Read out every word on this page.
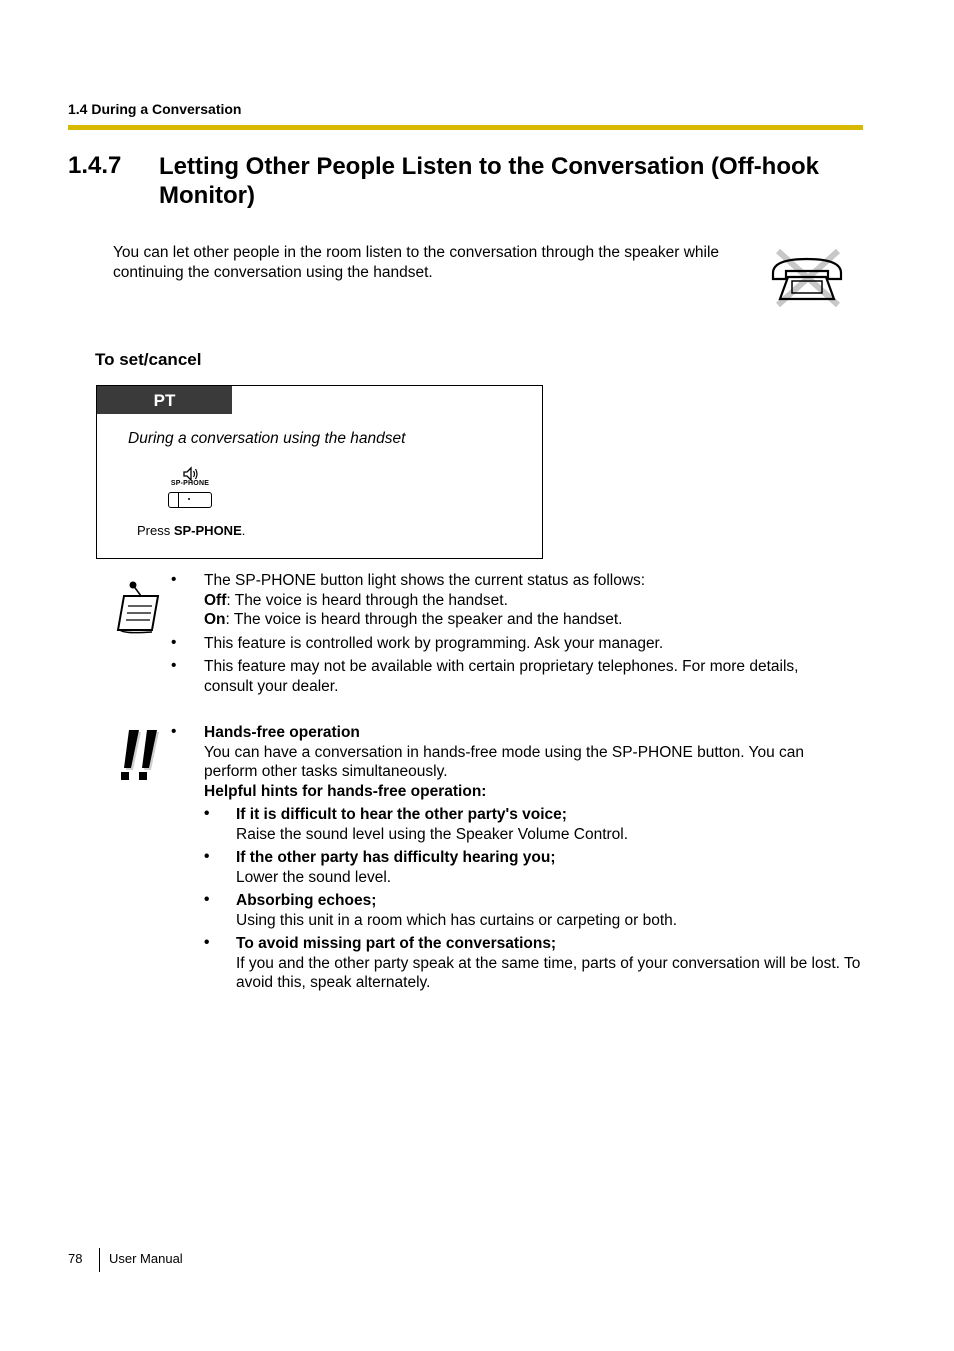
1.4 During a Conversation
1.4.7 Letting Other People Listen to the Conversation (Off-hook Monitor)
You can let other people in the room listen to the conversation through the speaker while continuing the conversation using the handset.
To set/cancel
PT
During a conversation using the handset
SP-PHONE
Press SP-PHONE.
• The SP-PHONE button light shows the current status as follows:
Off: The voice is heard through the handset.
On: The voice is heard through the speaker and the handset.
• This feature is controlled work by programming. Ask your manager.
• This feature may not be available with certain proprietary telephones. For more details, consult your dealer.
• Hands-free operation
You can have a conversation in hands-free mode using the SP-PHONE button. You can perform other tasks simultaneously.
Helpful hints for hands-free operation:
• If it is difficult to hear the other party's voice;
Raise the sound level using the Speaker Volume Control.
• If the other party has difficulty hearing you;
Lower the sound level.
• Absorbing echoes;
Using this unit in a room which has curtains or carpeting or both.
• To avoid missing part of the conversations;
If you and the other party speak at the same time, parts of your conversation will be lost. To avoid this, speak alternately.
78 User Manual
